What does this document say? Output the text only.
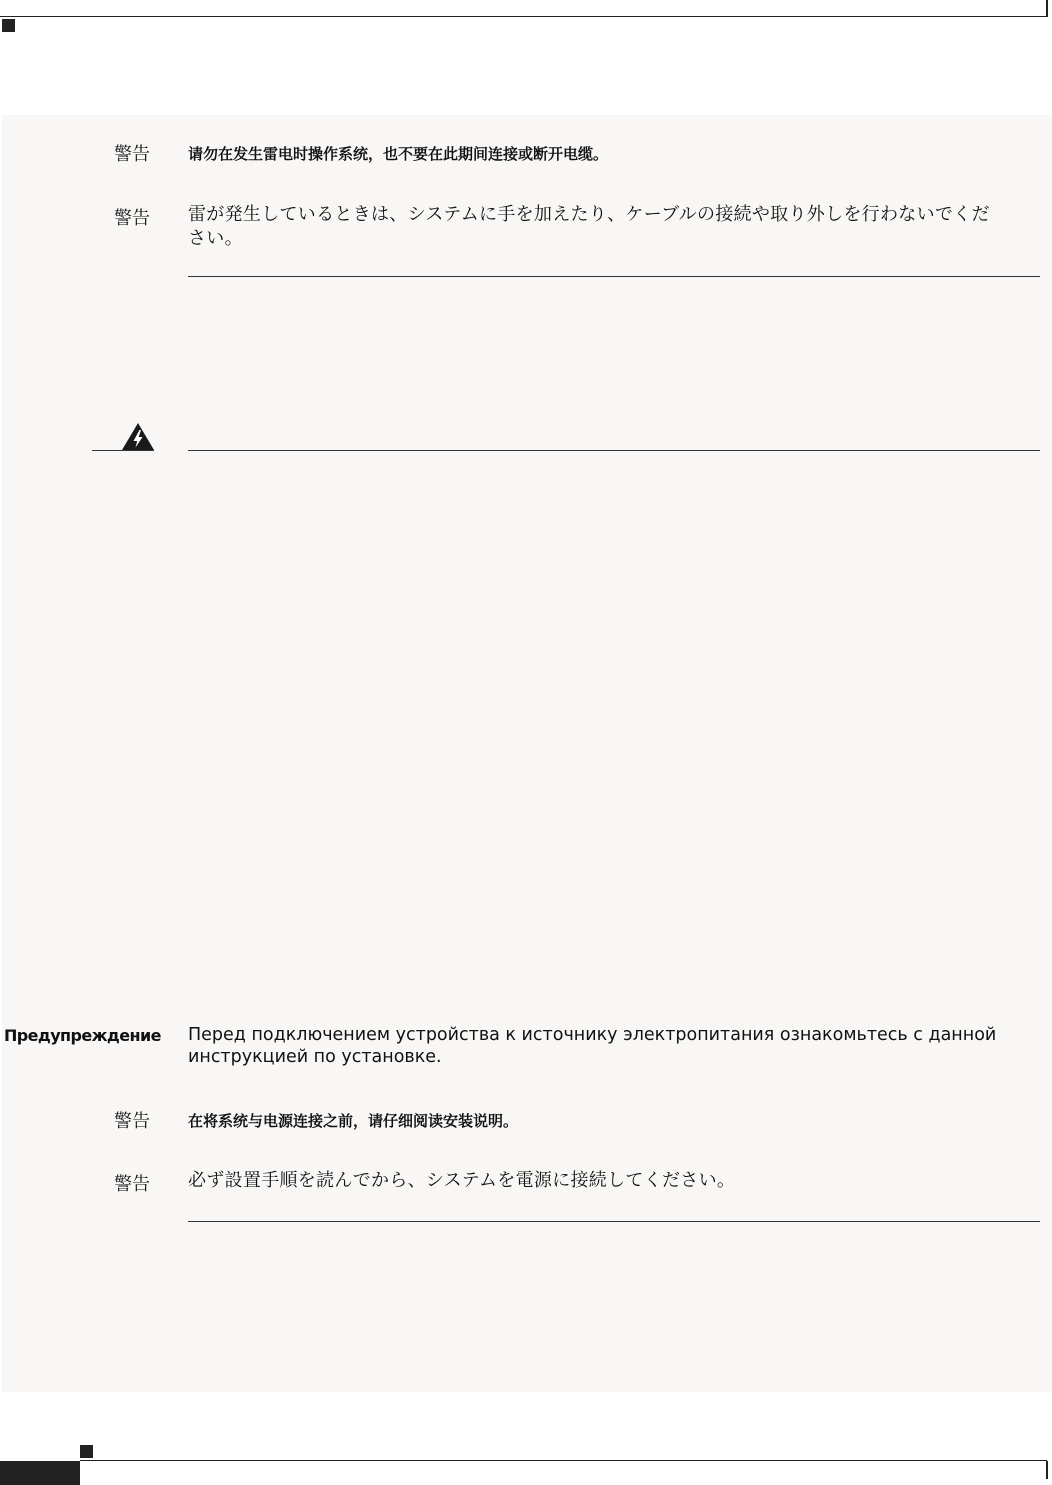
警告	请勿在发生雷电时操作系统，也不要在此期间连接或断开电缆。
警告 雷が発生しているときは、システムに手を加えたり、ケーブルの接続や取り外しを行わないでくだ
さい。
Предупреждение Перед подключением устройства к источнику электропитания ознакомьтесь с данной
инструкцией по установке.
警告	在将系统与电源连接之前，请仔细阅读安装说明。
警告 必ず設置手順を読んでから、システムを電源に接続してください。
